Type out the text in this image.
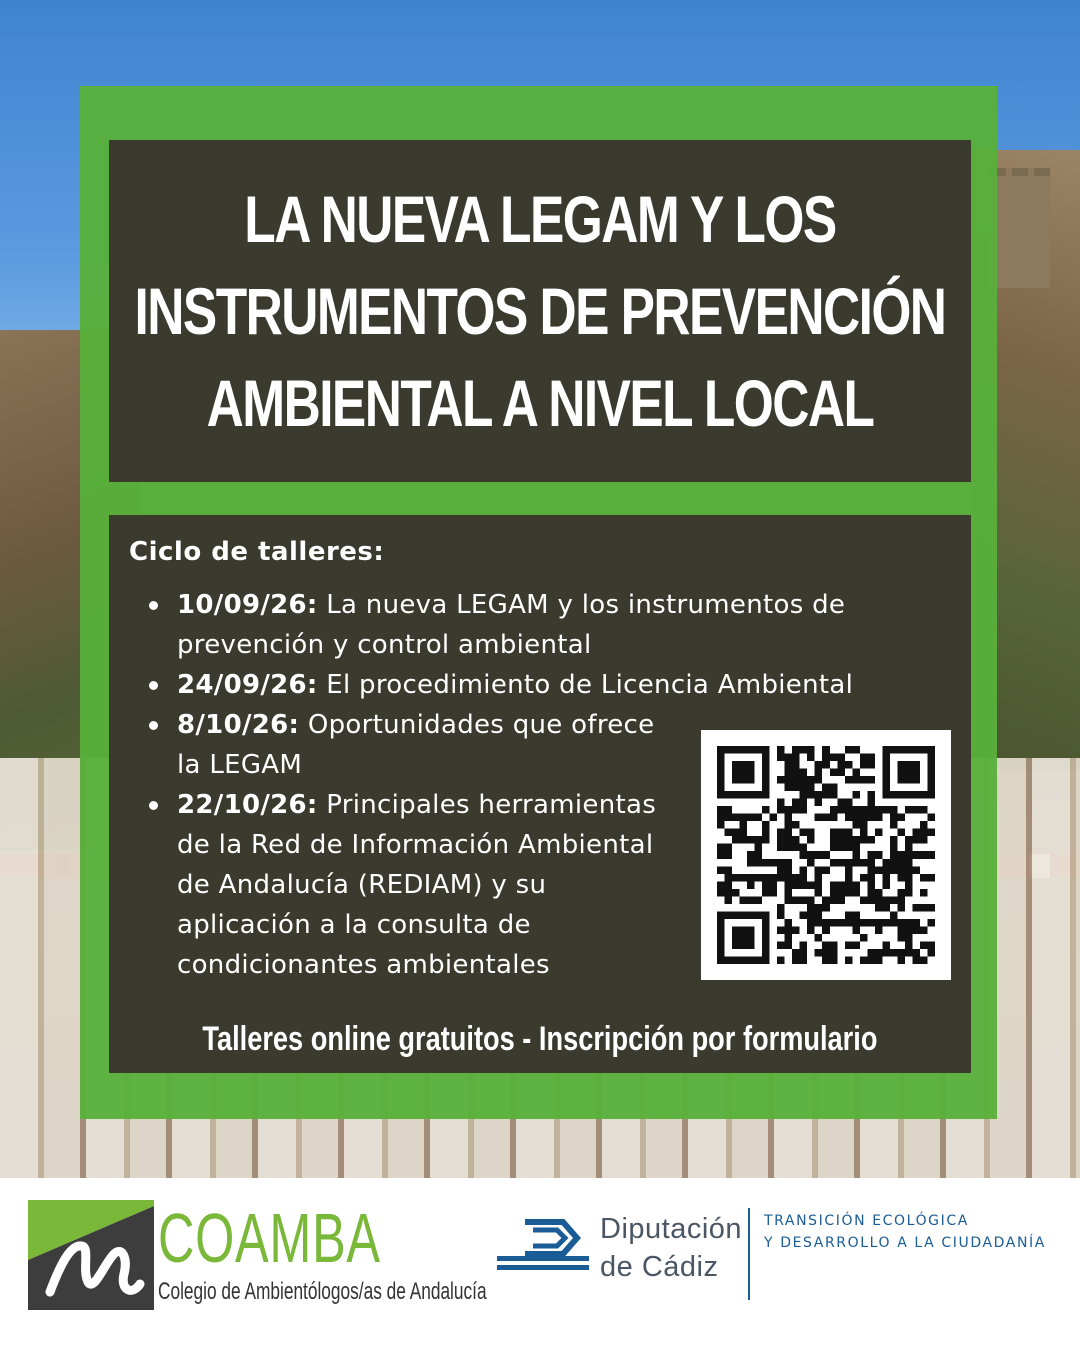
LA NUEVA LEGAM Y LOS INSTRUMENTOS DE PREVENCIÓN AMBIENTAL A NIVEL LOCAL
Ciclo de talleres:
10/09/26: La nueva LEGAM y los instrumentos de prevención y control ambiental
24/09/26: El procedimiento de Licencia Ambiental
8/10/26: Oportunidades que ofrece la LEGAM
22/10/26: Principales herramientas de la Red de Información Ambiental de Andalucía (REDIAM) y su aplicación a la consulta de condicionantes ambientales
Talleres online gratuitos - Inscripción por formulario
COAMBA
Colegio de Ambientólogos/as de Andalucía
Diputación
de Cádiz
TRANSICIÓN ECOLÓGICA
Y DESARROLLO A LA CIUDADANÍA
